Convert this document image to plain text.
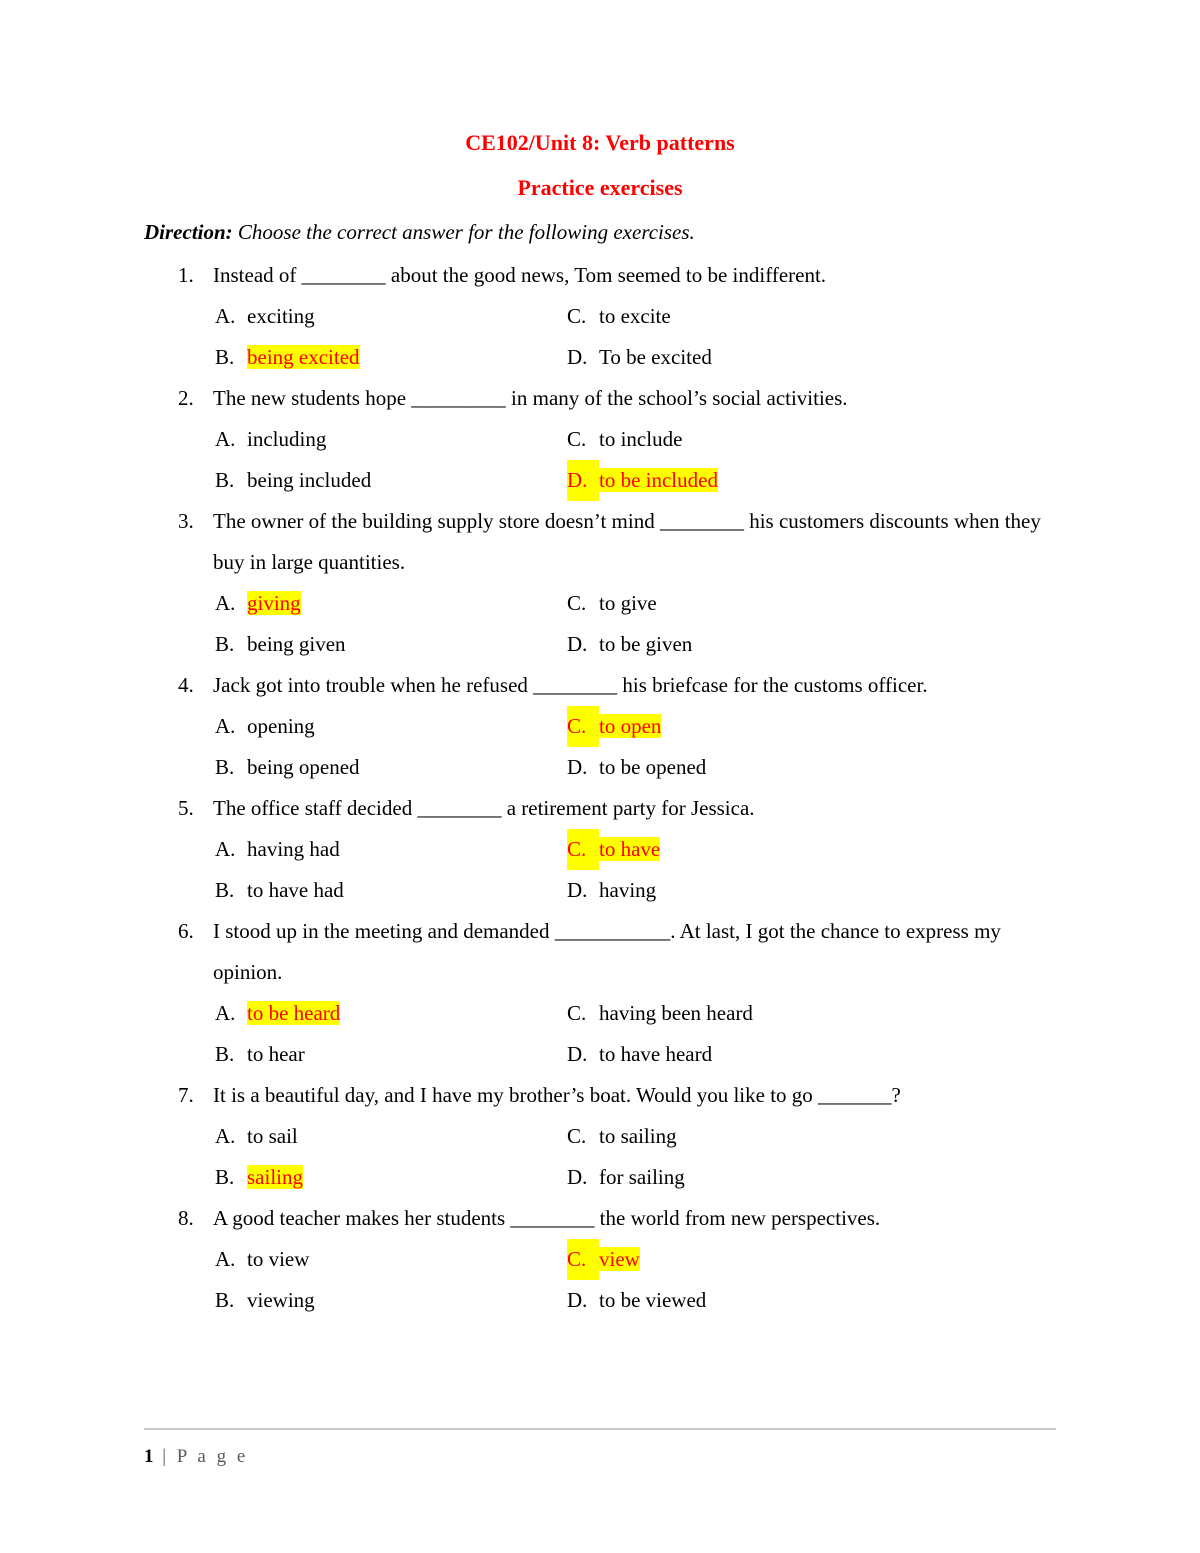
CE102/Unit 8: Verb patterns
Practice exercises
Direction: Choose the correct answer for the following exercises.
1. Instead of ________ about the good news, Tom seemed to be indifferent.
A. exciting
B. being excited
C. to excite
D. To be excited
2. The new students hope _________ in many of the school’s social activities.
A. including
B. being included
C. to include
D. to be included
3. The owner of the building supply store doesn’t mind ________ his customers discounts when they buy in large quantities.
A. giving
B. being given
C. to give
D. to be given
4. Jack got into trouble when he refused ________ his briefcase for the customs officer.
A. opening
B. being opened
C. to open
D. to be opened
5. The office staff decided ________ a retirement party for Jessica.
A. having had
B. to have had
C. to have
D. having
6. I stood up in the meeting and demanded ___________. At last, I got the chance to express my opinion.
A. to be heard
B. to hear
C. having been heard
D. to have heard
7. It is a beautiful day, and I have my brother’s boat. Would you like to go _______?
A. to sail
B. sailing
C. to sailing
D. for sailing
8. A good teacher makes her students ________ the world from new perspectives.
A. to view
B. viewing
C. view
D. to be viewed
1 | P a g e
